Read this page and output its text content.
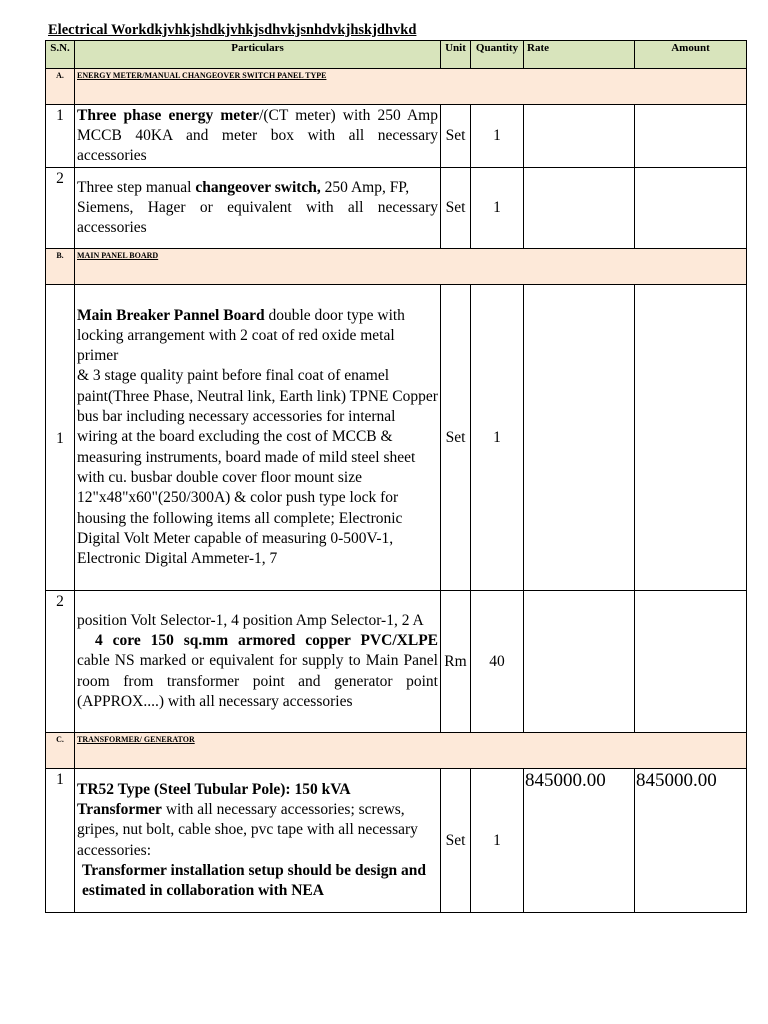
Electrical Workdkjvhkjshdkjvhkjsdhvkjsnhdvkjhskjdhvkd
S.N.	Particulars	Unit	Quantity	Rate	Amount
A.	ENERGY METER/MANUAL CHANGEOVER SWITCH PANEL TYPE				
1	Three phase energy meter/(CT meter) with 250 Amp MCCB 40KA and meter box with all necessary accessories	Set	1		
2	Three step manual changeover switch, 250 Amp, FP,

Siemens, Hager or equivalent with all necessary accessories	Set	1		
B.	MAIN PANEL BOARD				
1	Main Breaker Pannel Board double door type with locking arrangement with 2 coat of red oxide metal primer

& 3 stage quality paint before final coat of enamel paint(Three Phase, Neutral link, Earth link) TPNE Copper bus bar including necessary accessories for internal wiring at the board excluding the cost of MCCB & measuring instruments, board made of mild steel sheet with cu. busbar double cover floor mount size 12"x48"x60"(250/300A) & color push type lock for housing the following items all complete; Electronic Digital Volt Meter capable of measuring 0-500V-1, Electronic Digital Ammeter-1, 7	Set	1		
2	position Volt Selector-1, 4 position Amp Selector-1, 2 A

4 core 150 sq.mm armored copper PVC/XLPE cable NS marked or equivalent for supply to Main Panel room from transformer point and generator point (APPROX....) with all necessary accessories	Rm	40		
C.	TRANSFORMER/ GENERATOR				
1	TR52 Type (Steel Tubular Pole): 150 kVA Transformer with all necessary accessories; screws, gripes, nut bolt, cable shoe, pvc tape with all necessary accessories:

Transformer installation setup should be design and estimated in collaboration with NEA	Set	1	845000.00	845000.00
